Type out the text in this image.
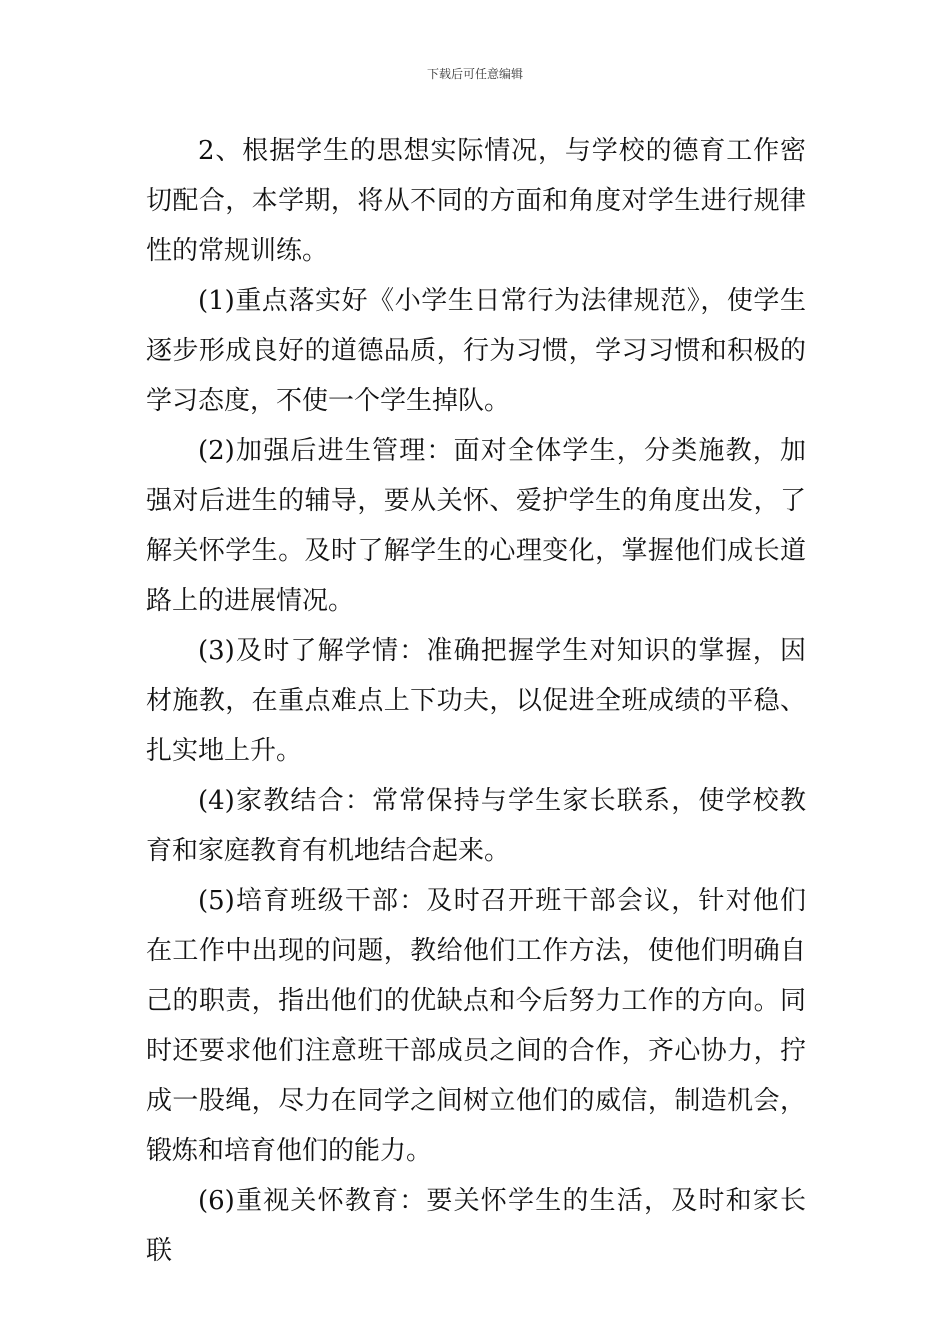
下载后可任意编辑

2、根据学生的思想实际情况，与学校的德育工作密切配合，本学期，将从不同的方面和角度对学生进行规律性的常规训练。

(1)重点落实好《小学生日常行为法律规范》，使学生逐步形成良好的道德品质，行为习惯，学习习惯和积极的学习态度，不使一个学生掉队。

(2)加强后进生管理：面对全体学生，分类施教，加强对后进生的辅导，要从关怀、爱护学生的角度出发，了解关怀学生。及时了解学生的心理变化，掌握他们成长道路上的进展情况。

(3)及时了解学情：准确把握学生对知识的掌握，因材施教，在重点难点上下功夫，以促进全班成绩的平稳、扎实地上升。

(4)家教结合：常常保持与学生家长联系，使学校教育和家庭教育有机地结合起来。

(5)培育班级干部：及时召开班干部会议，针对他们在工作中出现的问题，教给他们工作方法，使他们明确自己的职责，指出他们的优缺点和今后努力工作的方向。同时还要求他们注意班干部成员之间的合作，齐心协力，拧成一股绳，尽力在同学之间树立他们的威信，制造机会，锻炼和培育他们的能力。

(6)重视关怀教育：要关怀学生的生活，及时和家长联
